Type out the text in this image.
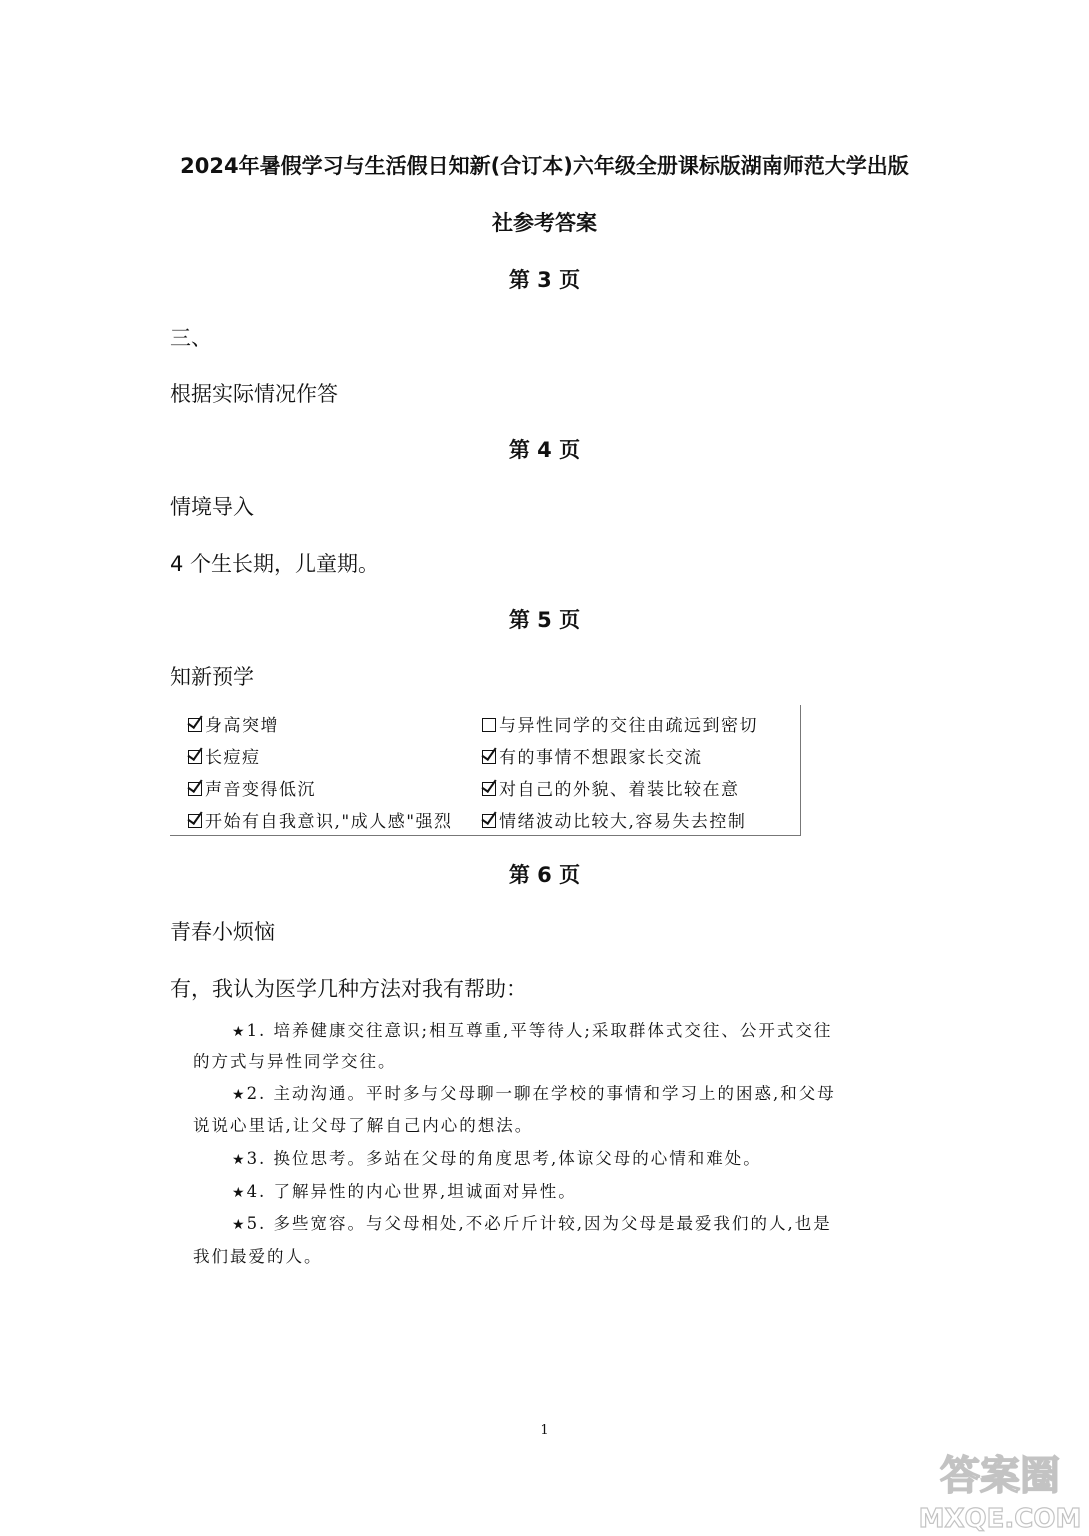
2024年暑假学习与生活假日知新(合订本)六年级全册课标版湖南师范大学出版
社参考答案
第 3 页
三、
根据实际情况作答
第 4 页
情境导入
4 个生长期，儿童期。
第 5 页
知新预学
身高突增	与异性同学的交往由疏远到密切
长痘痘	有的事情不想跟家长交流
声音变得低沉	对自己的外貌、着装比较在意
开始有自我意识,"成人感"强烈	情绪波动比较大,容易失去控制
第 6 页
青春小烦恼
有，我认为医学几种方法对我有帮助：
★1. 培养健康交往意识;相互尊重,平等待人;采取群体式交往、公开式交往
的方式与异性同学交往。
★2. 主动沟通。平时多与父母聊一聊在学校的事情和学习上的困惑,和父母
说说心里话,让父母了解自己内心的想法。
★3. 换位思考。多站在父母的角度思考,体谅父母的心情和难处。
★4. 了解异性的内心世界,坦诚面对异性。
★5. 多些宽容。与父母相处,不必斤斤计较,因为父母是最爱我们的人,也是
我们最爱的人。
1
答案圈
MXQE.COM
